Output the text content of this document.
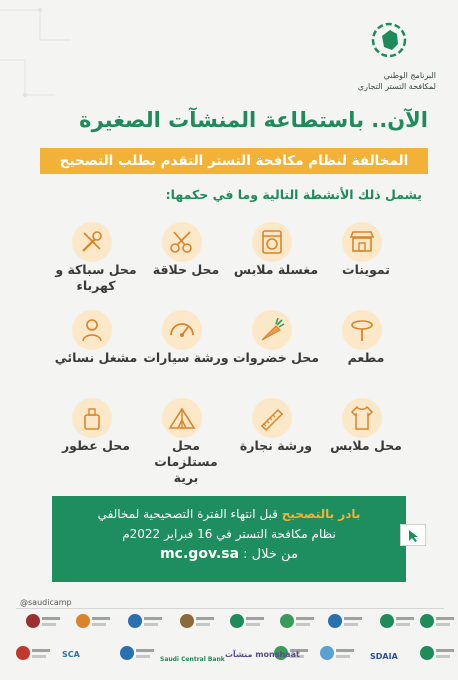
البرنامج الوطني
لمكافحة التستر التجاري
الآن.. باستطاعة المنشآت الصغيرة
المخالفة لنظام مكافحة التستر التقدم بطلب التصحيح
يشمل ذلك الأنشطة التالية وما في حكمها:
تموينات
مغسلة ملابس
محل حلاقة
محل سباكة و كهرباء
مطعم
محل خضروات
ورشة سيارات
مشغل نسائي
محل ملابس
ورشة نجارة
محل مستلزمات برية
محل عطور
بادر بالتصحيح قبل انتهاء الفترة التصحيحية لمخالفي
نظام مكافحة التستر في 16 فبراير 2022م
من خلال : mc.gov.sa
@saudicamp
SDAIA
منشآت monshaat
Saudi Central Bank
SCA
